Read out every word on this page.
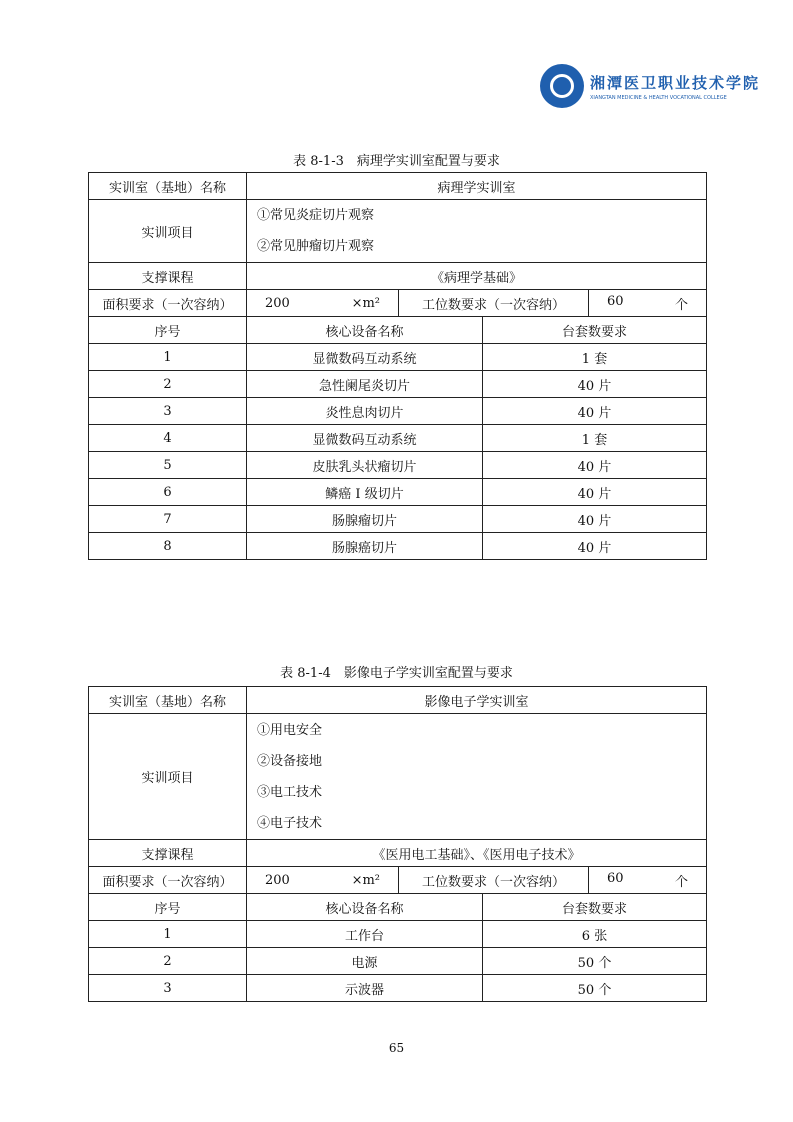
湘潭医卫职业技术学院
XIANGTAN MEDICINE & HEALTH VOCATIONAL COLLEGE
表 8-1-3　病理学实训室配置与要求
实训室（基地）名称	病理学实训室			
实训项目	①常见炎症切片观察
②常见肿瘤切片观察			

支撑课程	《病理学基础》			
面积要求（一次容纳）	200 ×m²	工位数要求（一次容纳）		60 个

序号	核心设备名称		台套数要求	
1	显微数码互动系统		1 套	
2	急性阑尾炎切片		40 片	
3	炎性息肉切片		40 片	
4	显微数码互动系统		1 套	
5	皮肤乳头状瘤切片		40 片	
6	鳞癌 I 级切片		40 片	
7	肠腺瘤切片		40 片	
8	肠腺癌切片		40 片	
表 8-1-4　影像电子学实训室配置与要求
实训室（基地）名称	影像电子学实训室			
实训项目	①用电安全
②设备接地
③电工技术
④电子技术			

支撑课程	《医用电工基础》、《医用电子技术》			
面积要求（一次容纳）	200 ×m²	工位数要求（一次容纳）		60 个

序号	核心设备名称		台套数要求	
1	工作台		6 张	
2	电源		50 个	
3	示波器		50 个	
65
